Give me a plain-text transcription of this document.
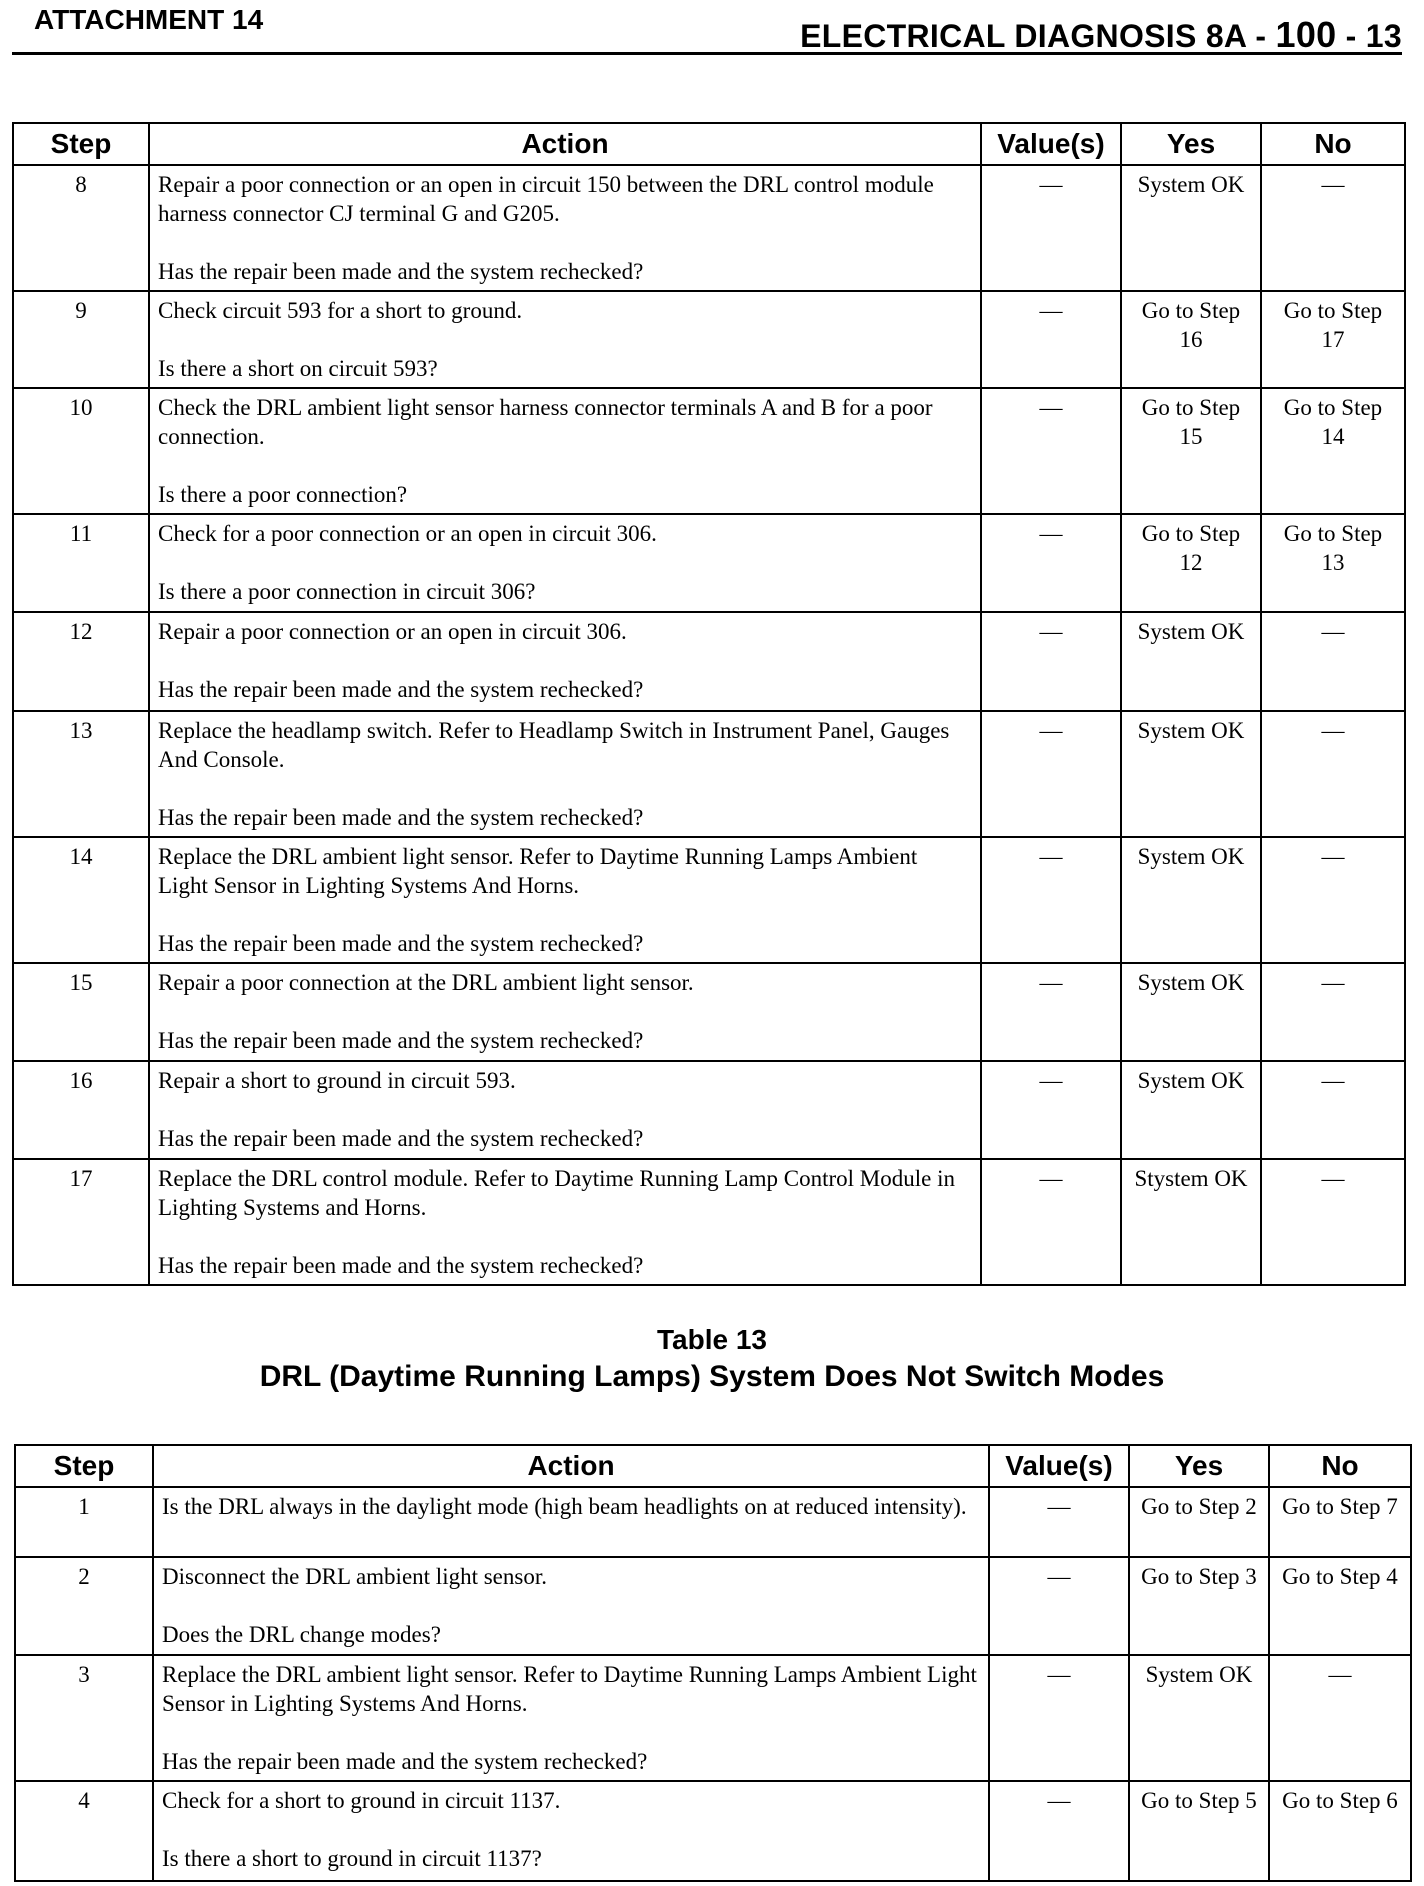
ATTACHMENT 14	ELECTRICAL DIAGNOSIS 8A - 100 - 13
Step	Action	Value(s)	Yes	No
8	Repair a poor connection or an open in circuit 150 between the DRL control module harness connector CJ terminal G and G205.

Has the repair been made and the system rechecked?	—	System OK	—
9	Check circuit 593 for a short to ground.

Is there a short on circuit 593?	—	Go to Step 16	Go to Step 17
10	Check the DRL ambient light sensor harness connector terminals A and B for a poor connection.

Is there a poor connection?	—	Go to Step 15	Go to Step 14
11	Check for a poor connection or an open in circuit 306.

Is there a poor connection in circuit 306?	—	Go to Step 12	Go to Step 13
12	Repair a poor connection or an open in circuit 306.

Has the repair been made and the system rechecked?	—	System OK	—
13	Replace the headlamp switch. Refer to Headlamp Switch in Instrument Panel, Gauges And Console.

Has the repair been made and the system rechecked?	—	System OK	—
14	Replace the DRL ambient light sensor. Refer to Daytime Running Lamps Ambient Light Sensor in Lighting Systems And Horns.

Has the repair been made and the system rechecked?	—	System OK	—
15	Repair a poor connection at the DRL ambient light sensor.

Has the repair been made and the system rechecked?	—	System OK	—
16	Repair a short to ground in circuit 593.

Has the repair been made and the system rechecked?	—	System OK	—
17	Replace the DRL control module. Refer to Daytime Running Lamp Control Module in Lighting Systems and Horns.

Has the repair been made and the system rechecked?	—	Stystem OK	—
Table 13
DRL (Daytime Running Lamps) System Does Not Switch Modes
Step	Action	Value(s)	Yes	No
1	Is the DRL always in the daylight mode (high beam headlights on at reduced intensity).	—	Go to Step 2	Go to Step 7
2	Disconnect the DRL ambient light sensor.

Does the DRL change modes?	—	Go to Step 3	Go to Step 4
3	Replace the DRL ambient light sensor. Refer to Daytime Running Lamps Ambient Light Sensor in Lighting Systems And Horns.

Has the repair been made and the system rechecked?	—	System OK	—
4	Check for a short to ground in circuit 1137.

Is there a short to ground in circuit 1137?	—	Go to Step 5	Go to Step 6
